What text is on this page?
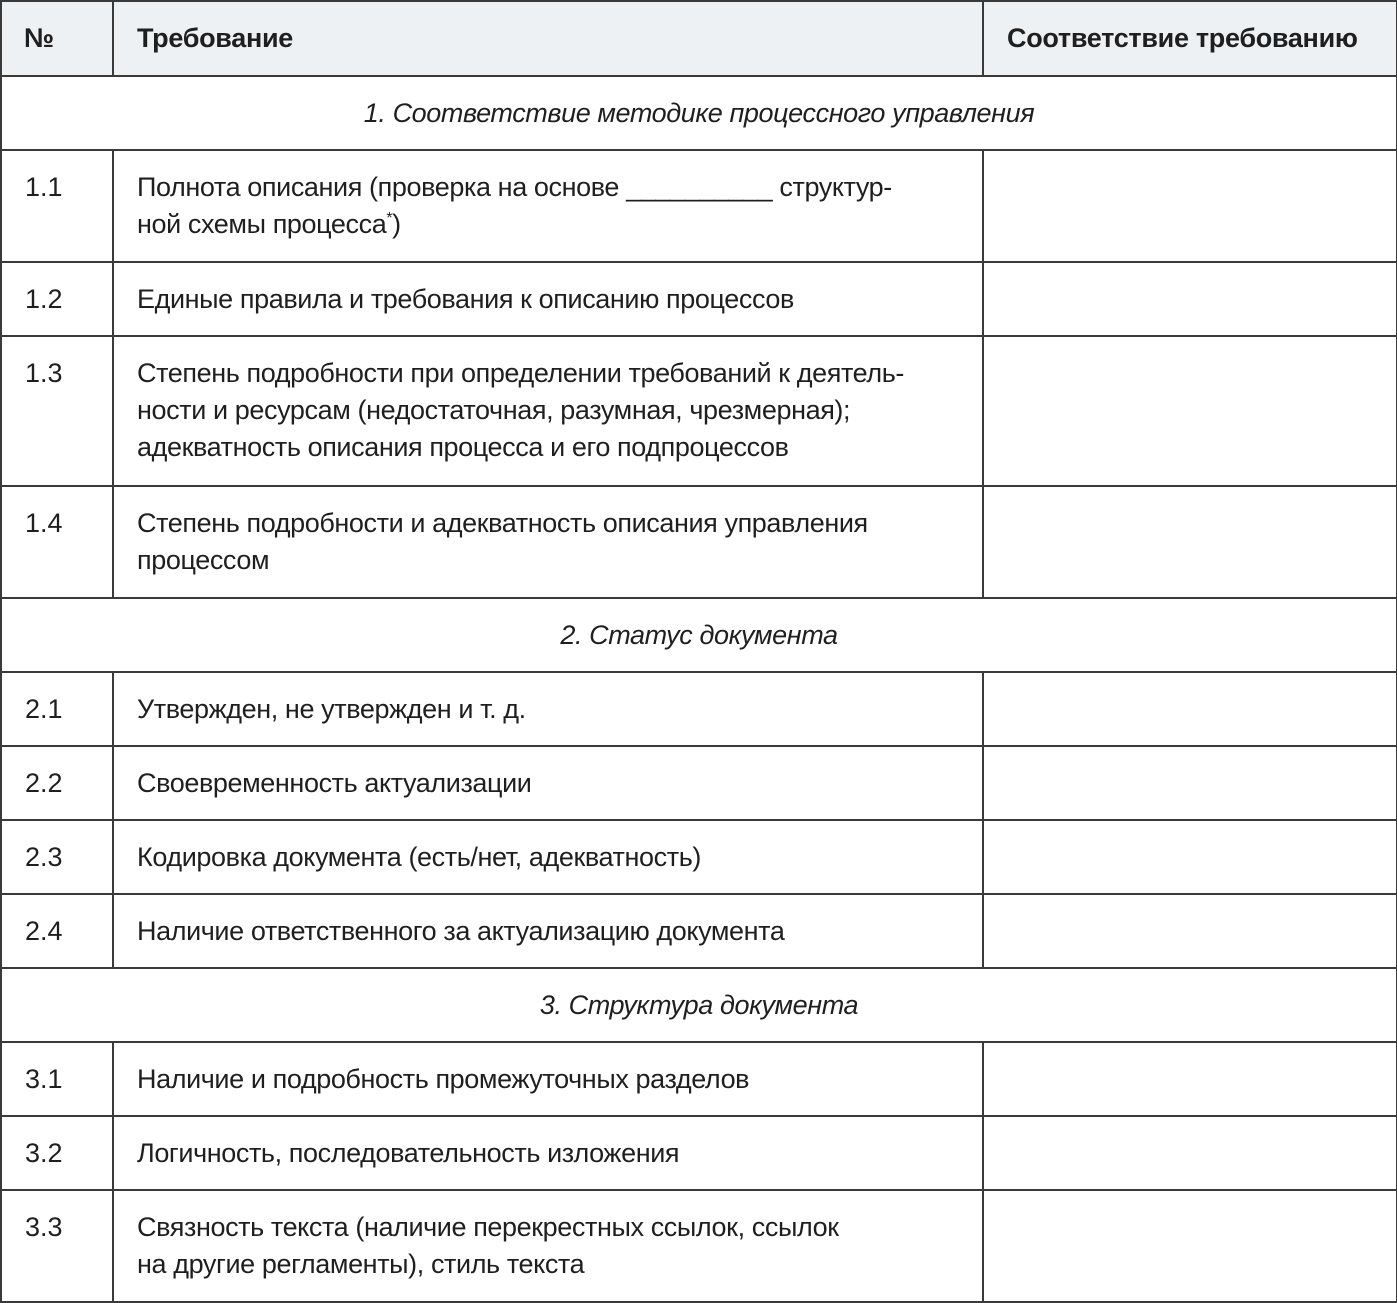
№	Требование	Соответствие требованию
1. Соответствие методике процессного управления		
1.1	Полнота описания (проверка на основе __________ структур-
ной схемы процесса*)	
1.2	Единые правила и требования к описанию процессов	
1.3	Степень подробности при определении требований к деятель-
ности и ресурсам (недостаточная, разумная, чрезмерная);
адекватность описания процесса и его подпроцессов	
1.4	Степень подробности и адекватность описания управления
процессом	
2. Статус документа		
2.1	Утвержден, не утвержден и т. д.	
2.2	Своевременность актуализации	
2.3	Кодировка документа (есть/нет, адекватность)	
2.4	Наличие ответственного за актуализацию документа	
3. Структура документа		
3.1	Наличие и подробность промежуточных разделов	
3.2	Логичность, последовательность изложения	
3.3	Связность текста (наличие перекрестных ссылок, ссылок
на другие регламенты), стиль текста	
